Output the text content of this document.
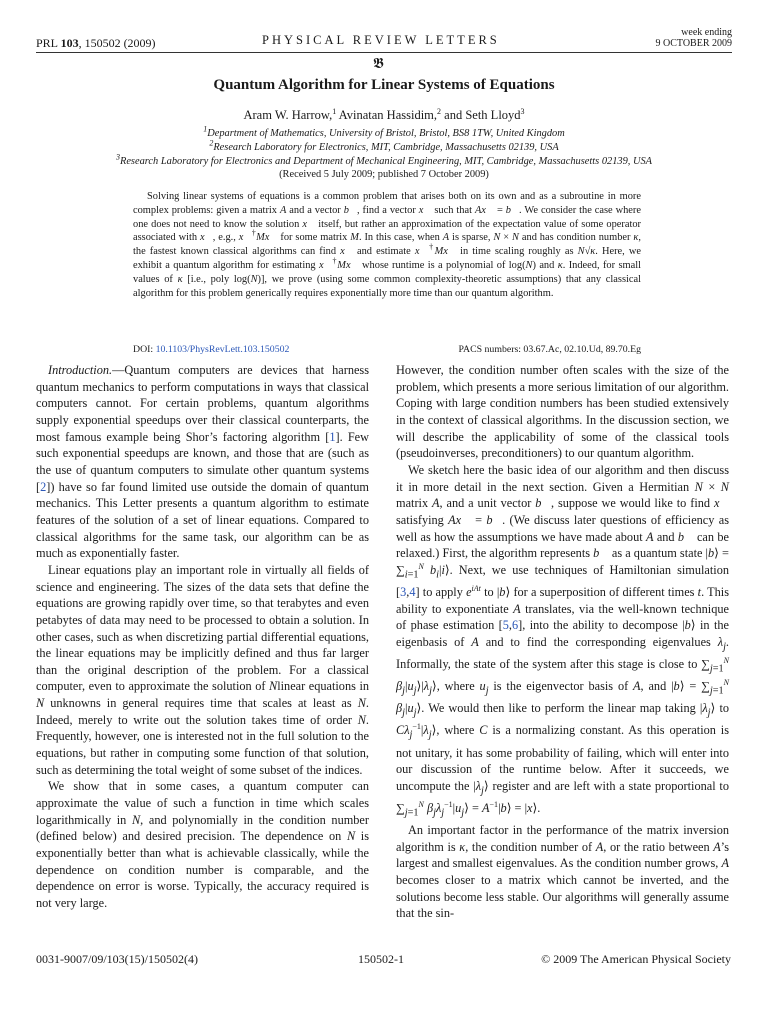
PRL 103, 150502 (2009)	PHYSICAL REVIEW LETTERS
week ending
9 OCTOBER 2009
𝕭
Quantum Algorithm for Linear Systems of Equations
Aram W. Harrow,$^1$ Avinatan Hassidim,$^2$ and Seth Lloyd$^3$
$^1$Department of Mathematics, University of Bristol, Bristol, BS8 1TW, United Kingdom
$^2$Research Laboratory for Electronics, MIT, Cambridge, Massachusetts 02139, USA
$^3$Research Laboratory for Electronics and Department of Mechanical Engineering, MIT, Cambridge, Massachusetts 02139, USA
(Received 5 July 2009; published 7 October 2009)

Solving linear systems of equations is a common problem that arises both on its own and as a subroutine in more complex problems: given a matrix A and a vector b⃗, find a vector x⃗ such that Ax⃗ = b⃗. We consider the case where one does not need to know the solution x⃗ itself, but rather an approximation of the expectation value of some operator associated with x⃗, e.g., x⃗†Mx⃗ for some matrix M. In this case, when A is sparse, N × N and has condition number κ, the fastest known classical algorithms can find x⃗ and estimate x⃗†Mx⃗ in time scaling roughly as N√κ. Here, we exhibit a quantum algorithm for estimating x⃗†Mx⃗ whose runtime is a polynomial of log(N) and κ. Indeed, for small values of κ [i.e., poly log(N)], we prove (using some common complexity-theoretic assumptions) that any classical algorithm for this problem generically requires exponentially more time than our quantum algorithm.

DOI: 10.1103/PhysRevLett.103.150502	PACS numbers: 03.67.Ac, 02.10.Ud, 89.70.Eg

Introduction.—Quantum computers are devices that harness quantum mechanics to perform computations in ways that classical computers cannot. For certain problems, quantum algorithms supply exponential speedups over their classical counterparts, the most famous example being Shor’s factoring algorithm [1]. Few such exponential speedups are known, and those that are (such as the use of quantum computers to simulate other quantum systems [2]) have so far found limited use outside the domain of quantum mechanics. This Letter presents a quantum algorithm to estimate features of the solution of a set of linear equations. Compared to classical algorithms for the same task, our algorithm can be as much as exponentially faster.

Linear equations play an important role in virtually all fields of science and engineering. The sizes of the data sets that define the equations are growing rapidly over time, so that terabytes and even petabytes of data may need to be processed to obtain a solution. In other cases, such as when discretizing partial differential equations, the linear equations may be implicitly defined and thus far larger than the original description of the problem. For a classical computer, even to approximate the solution of Nlinear equations in N unknowns in general requires time that scales at least as N. Indeed, merely to write out the solution takes time of order N. Frequently, however, one is interested not in the full solution to the equations, but rather in computing some function of that solution, such as determining the total weight of some subset of the indices.

We show that in some cases, a quantum computer can approximate the value of such a function in time which scales logarithmically in N, and polynomially in the condition number (defined below) and desired precision. The dependence on N is exponentially better than what is achievable classically, while the dependence on condition number is comparable, and the dependence on error is worse. Typically, the accuracy required is not very large.

However, the condition number often scales with the size of the problem, which presents a more serious limitation of our algorithm. Coping with large condition numbers has been studied extensively in the context of classical algorithms. In the discussion section, we will describe the applicability of some of the classical tools (pseudoinverses, preconditioners) to our quantum algorithm.

We sketch here the basic idea of our algorithm and then discuss it in more detail in the next section. Given a Hermitian N × N matrix A, and a unit vector b⃗, suppose we would like to find x⃗ satisfying Ax⃗ = b⃗. (We discuss later questions of efficiency as well as how the assumptions we have made about A and b⃗ can be relaxed.) First, the algorithm represents b⃗ as a quantum state |b⟩ = $\sum_{i=1}^N$ $b_i|i⟩$. Next, we use techniques of Hamiltonian simulation [3,4] to apply $e^{iAt}$ to |b⟩ for a superposition of different times t. This ability to exponentiate A translates, via the well-known technique of phase estimation [5,6], into the ability to decompose |b⟩ in the eigenbasis of A and to find the corresponding eigenvalues $\lambda_j$. Informally, the state of the system after this stage is close to $\sum_{j=1}^N$ $\beta_j|u_j⟩|\lambda_j⟩$, where $u_j$ is the eigenvector basis of A, and |b⟩ = $\sum_{j=1}^N$ $\beta_j|u_j⟩$. We would then like to perform the linear map taking $|\lambda_j⟩$ to $C\lambda_j^{-1}|\lambda_j⟩$, where C is a normalizing constant. As this operation is not unitary, it has some probability of failing, which will enter into our discussion of the runtime below. After it succeeds, we uncompute the $|\lambda_j⟩$ register and are left with a state proportional to $\sum_{j=1}^N$ $\beta_j\lambda_j^{-1}|u_j⟩$ = $A^{-1}|b⟩$ = |x⟩.

An important factor in the performance of the matrix inversion algorithm is κ, the condition number of A, or the ratio between A’s largest and smallest eigenvalues. As the condition number grows, A becomes closer to a matrix which cannot be inverted, and the solutions become less stable. Our algorithms will generally assume that the sin-

0031-9007/09/103(15)/150502(4)	150502-1	© 2009 The American Physical Society
